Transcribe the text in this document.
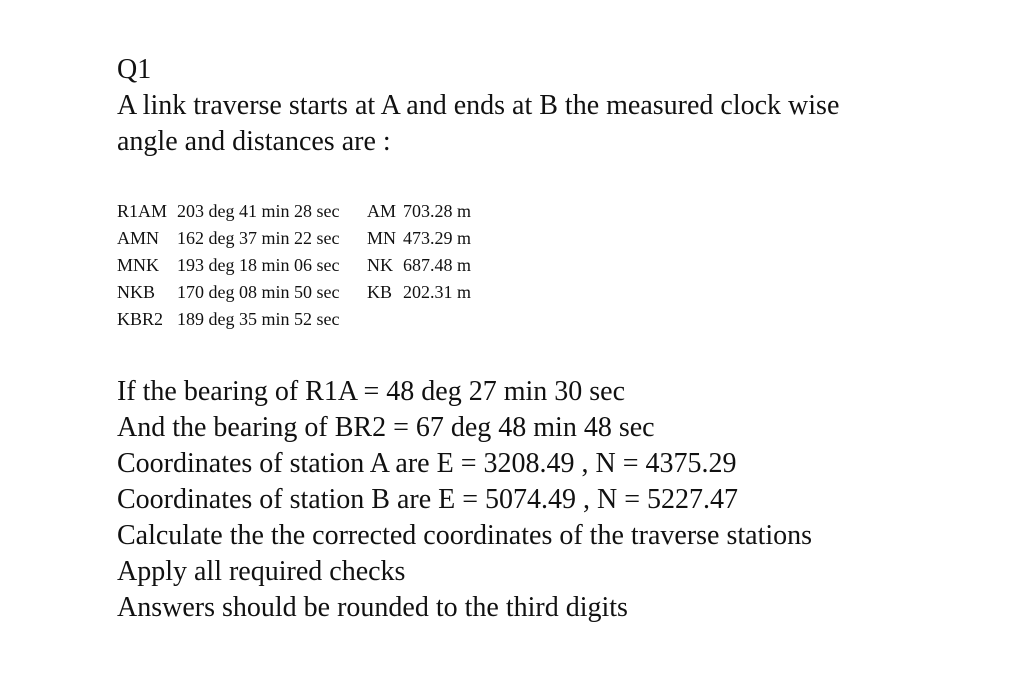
Q1

A link traverse starts at A and ends at B the measured clock wise

angle and distances are :

R1AM	203 deg 41 min 28 sec	AM	703.28 m
AMN	162 deg 37 min 22 sec	MN	473.29 m
MNK	193 deg 18 min 06 sec	NK	687.48 m
NKB	170 deg 08 min 50 sec	KB	202.31 m
KBR2	189 deg 35 min 52 sec		

If the bearing of R1A = 48 deg 27 min 30 sec

And the bearing of BR2 = 67 deg 48 min 48 sec

Coordinates of station A are E = 3208.49 , N = 4375.29

Coordinates of station B are E = 5074.49 , N = 5227.47

Calculate the the corrected coordinates of the traverse stations

Apply all required checks

Answers should be rounded to the third digits
